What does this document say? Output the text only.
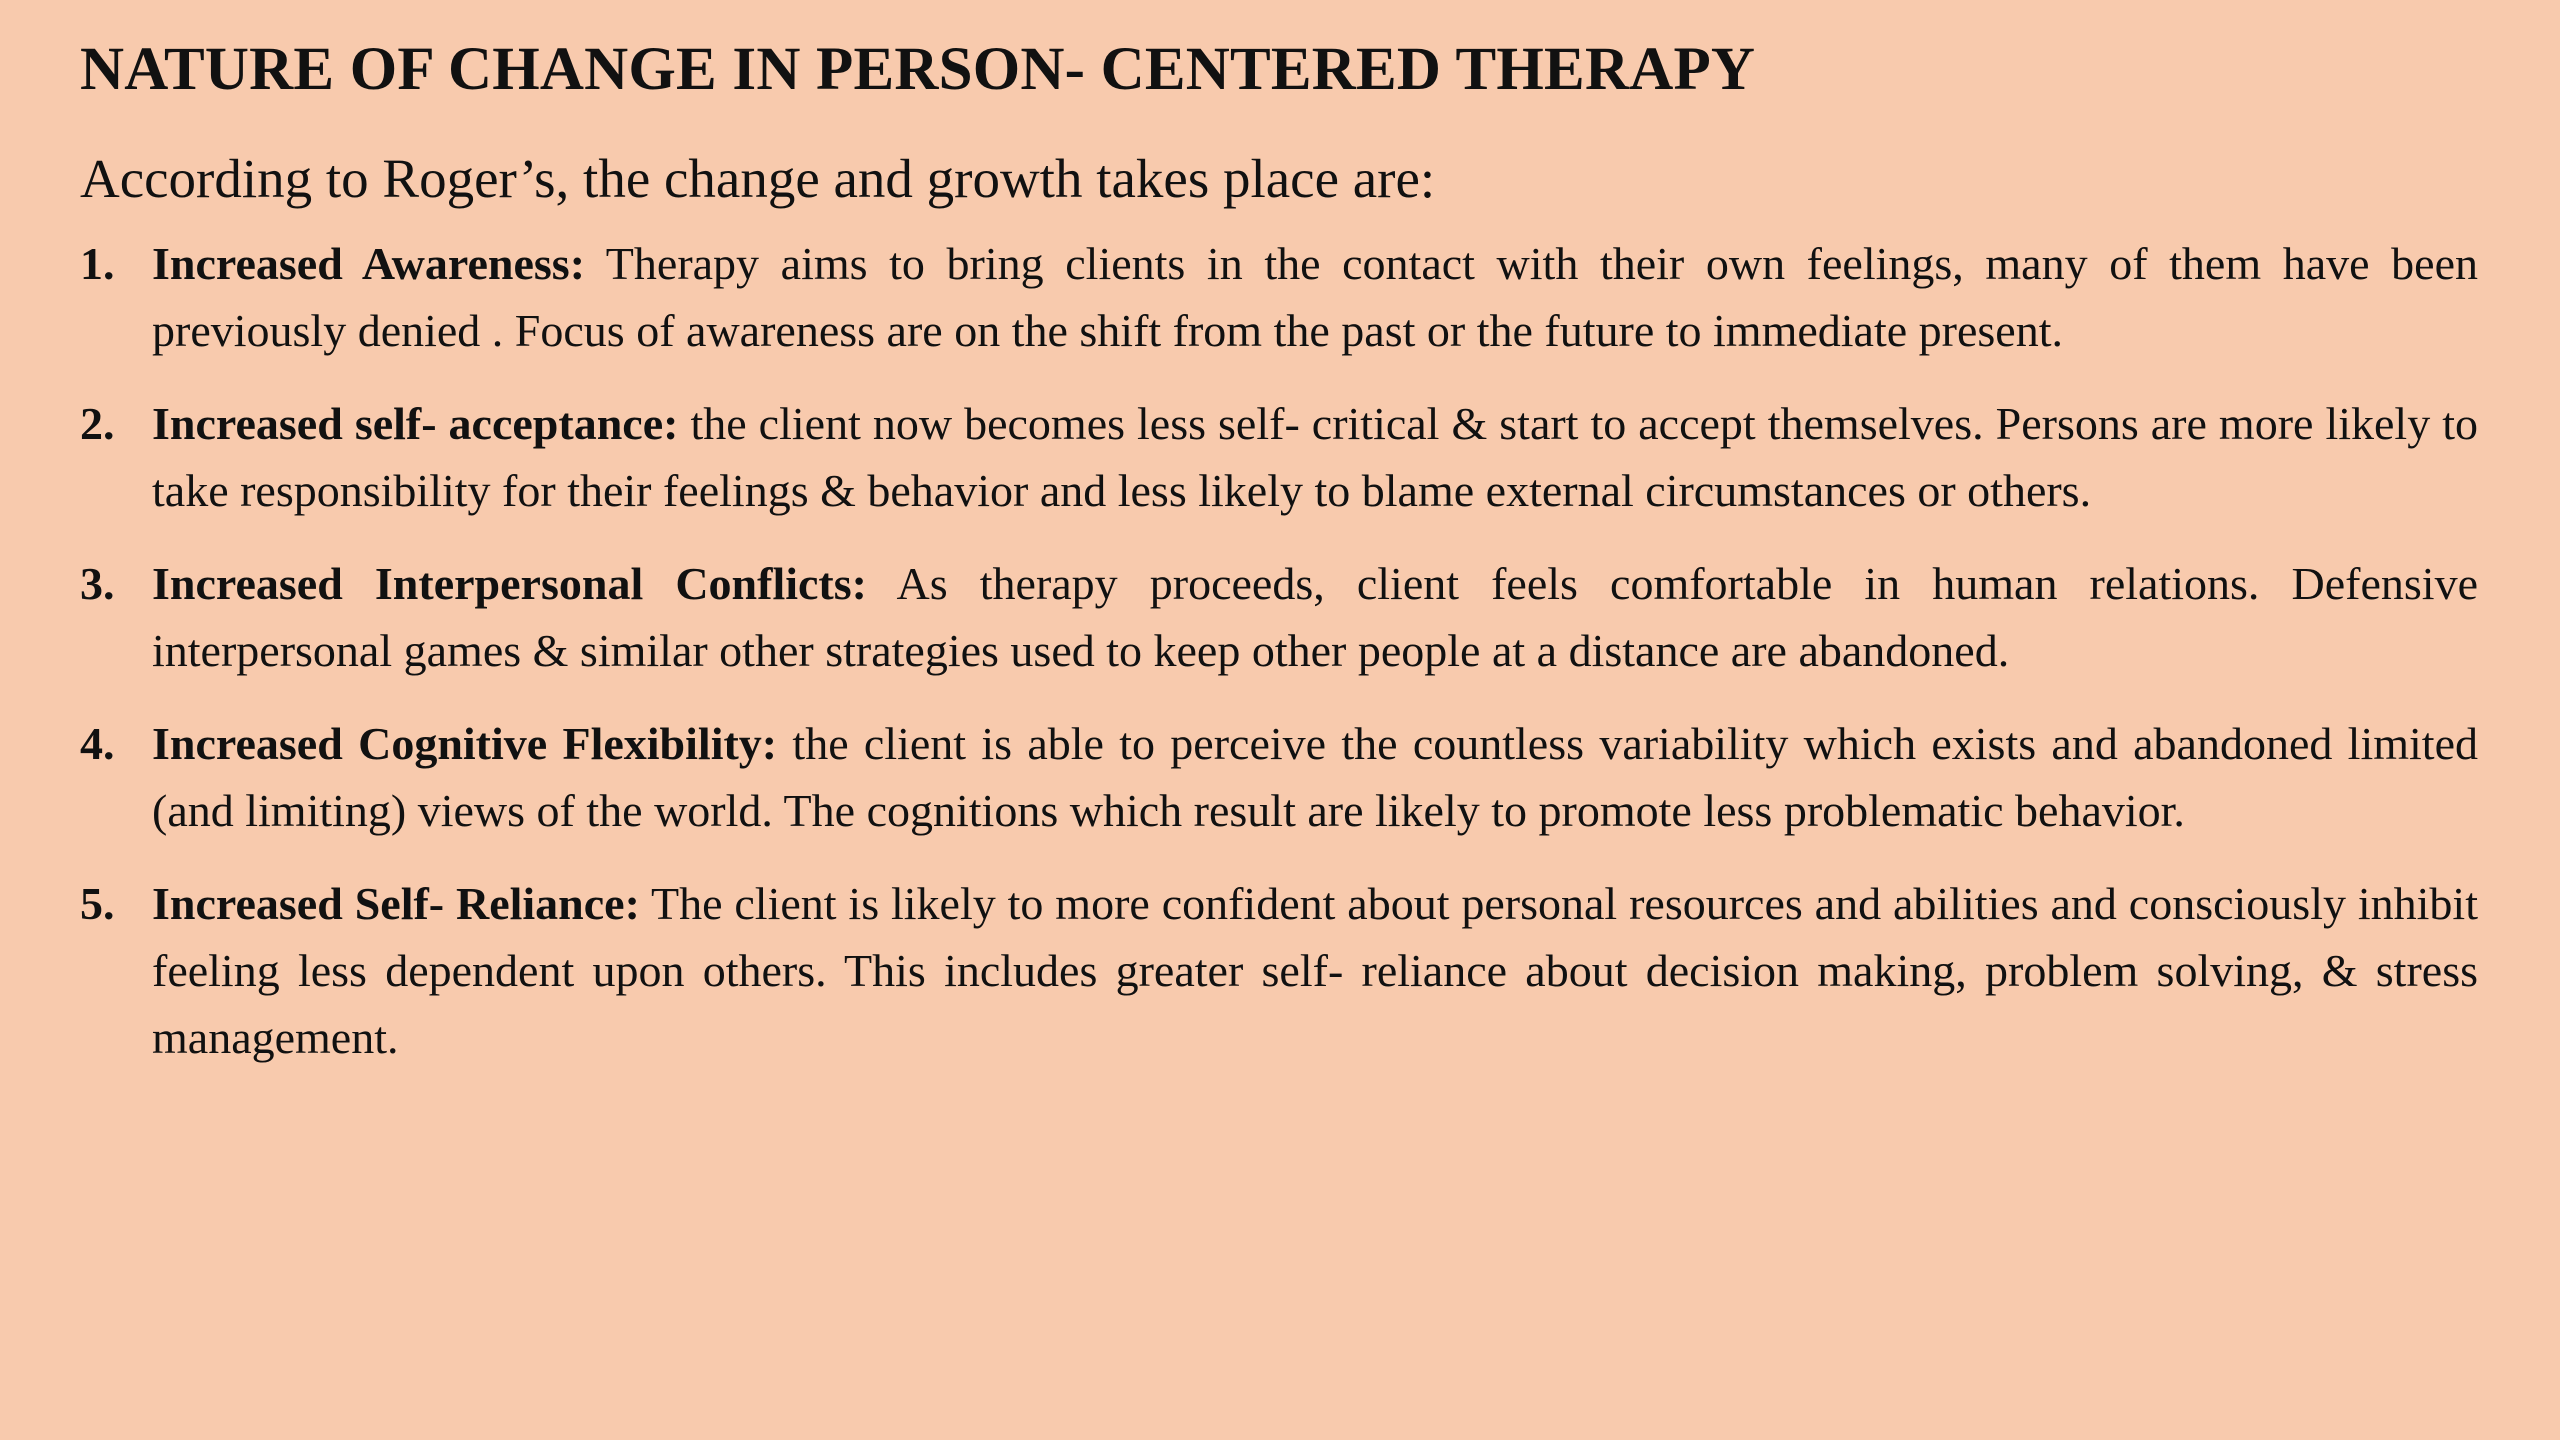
NATURE OF CHANGE IN PERSON- CENTERED THERAPY

According to Roger’s, the change and growth takes place are:

1. Increased Awareness: Therapy aims to bring clients in the contact with their own feelings, many of them have been previously denied . Focus of awareness are on the shift from the past or the future to immediate present.
2. Increased self- acceptance: the client now becomes less self- critical & start to accept themselves. Persons are more likely to take responsibility for their feelings & behavior and less likely to blame external circumstances or others.
3. Increased Interpersonal Conflicts: As therapy proceeds, client feels comfortable in human relations. Defensive interpersonal games & similar other strategies used to keep other people at a distance are abandoned.
4. Increased Cognitive Flexibility: the client is able to perceive the countless variability which exists and abandoned limited (and limiting) views of the world. The cognitions which result are likely to promote less problematic behavior.
5. Increased Self- Reliance: The client is likely to more confident about personal resources and abilities and consciously inhibit feeling less dependent upon others. This includes greater self- reliance about decision making, problem solving, & stress management.
